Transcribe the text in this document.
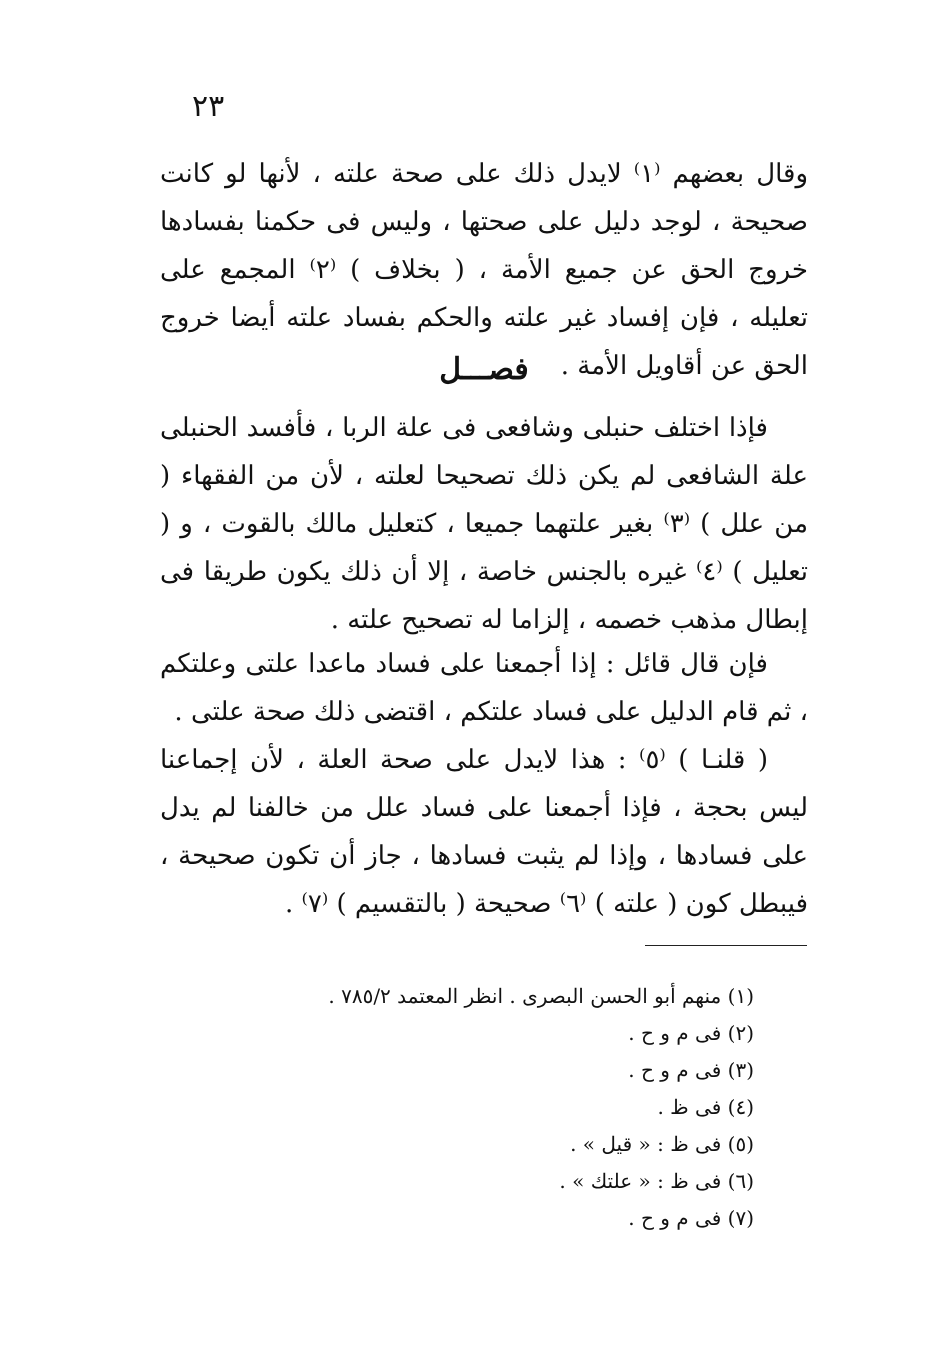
٢٣

وقال بعضهم ⁽١⁾ لايدل ذلك على صحة علته ، لأنها لو كانت صحيحة ، لوجد دليل على صحتها ، وليس فى حكمنا بفسادها خروج الحق عن جميع الأمة ، ( بخلاف ) ⁽٢⁾ المجمع على تعليله ، فإن إفساد غير علته والحكم بفساد علته أيضا خروج الحق عن أقاويل الأمة .

فصـــل

فإذا اختلف حنبلى وشافعى فى علة الربا ، فأفسد الحنبلى علة الشافعى لم يكن ذلك تصحيحا لعلته ، لأن من الفقهاء ( من علل ) ⁽٣⁾ بغير علتهما جميعا ، كتعليل مالك بالقوت ، و ( تعليل ) ⁽٤⁾ غيره بالجنس خاصة ، إلا أن ذلك يكون طريقا فى إبطال مذهب خصمه ، إلزاما له تصحيح علته .

فإن قال قائل : إذا أجمعنا على فساد ماعدا علتى وعلتكم ، ثم قام الدليل على فساد علتكم ، اقتضى ذلك صحة علتى .

( قلنـا ) ⁽٥⁾ : هذا لايدل على صحة العلة ، لأن إجماعنا ليس بحجة ، فإذا أجمعنا على فساد علل من خالفنا لم يدل على فسادها ، وإذا لم يثبت فسادها ، جاز أن تكون صحيحة ، فيبطل كون ( علته ) ⁽٦⁾ صحيحة ( بالتقسيم ) ⁽٧⁾ .

(١) منهم أبو الحسن البصرى . انظر المعتمد ٧٨٥/٢ .
(٢) فى م و ح .
(٣) فى م و ح .
(٤) فى ظ .
(٥) فى ظ : « قيل » .
(٦) فى ظ : « علتك » .
(٧) فى م و ح .
